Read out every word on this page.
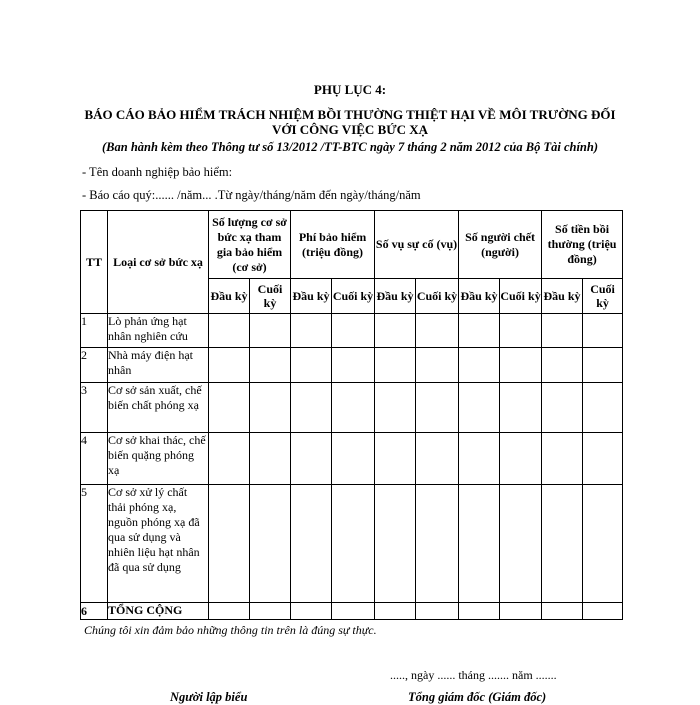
PHỤ LỤC 4:
BÁO CÁO BẢO HIỂM TRÁCH NHIỆM BỒI THƯỜNG THIỆT HẠI VỀ MÔI TRƯỜNG ĐỐI
VỚI CÔNG VIỆC BỨC XẠ
(Ban hành kèm theo Thông tư số 13/2012 /TT-BTC ngày 7 tháng 2 năm 2012 của Bộ Tài chính)
- Tên doanh nghiệp bảo hiểm:
- Báo cáo quý:...... /năm... .Từ ngày/tháng/năm đến ngày/tháng/năm
TT	Loại cơ sở bức xạ	Số lượng cơ sở bức xạ tham gia bảo hiểm (cơ sở)		Phí bảo hiểm (triệu đồng)		Số vụ sự cố (vụ)		Số người chết (người)		Số tiền bồi thường (triệu đồng)	
		Đầu kỳ	Cuối kỳ	Đầu kỳ	Cuối kỳ	Đầu kỳ	Cuối kỳ	Đầu kỳ	Cuối kỳ	Đầu kỳ	Cuối kỳ
1	Lò phản ứng hạt nhân nghiên cứu										
2	Nhà máy điện hạt nhân										
3	Cơ sở sản xuất, chế biến chất phóng xạ										
4	Cơ sở khai thác, chế biến quặng phóng xạ										
5	Cơ sở xử lý chất thải phóng xạ, nguồn phóng xạ đã qua sử dụng và nhiên liệu hạt nhân đã qua sử dụng										
6	TỔNG CỘNG										
Chúng tôi xin đảm bảo những thông tin trên là đúng sự thực.
....., ngày ...... tháng ....... năm .......
Người lập biểu	Tổng giám đốc (Giám đốc)
